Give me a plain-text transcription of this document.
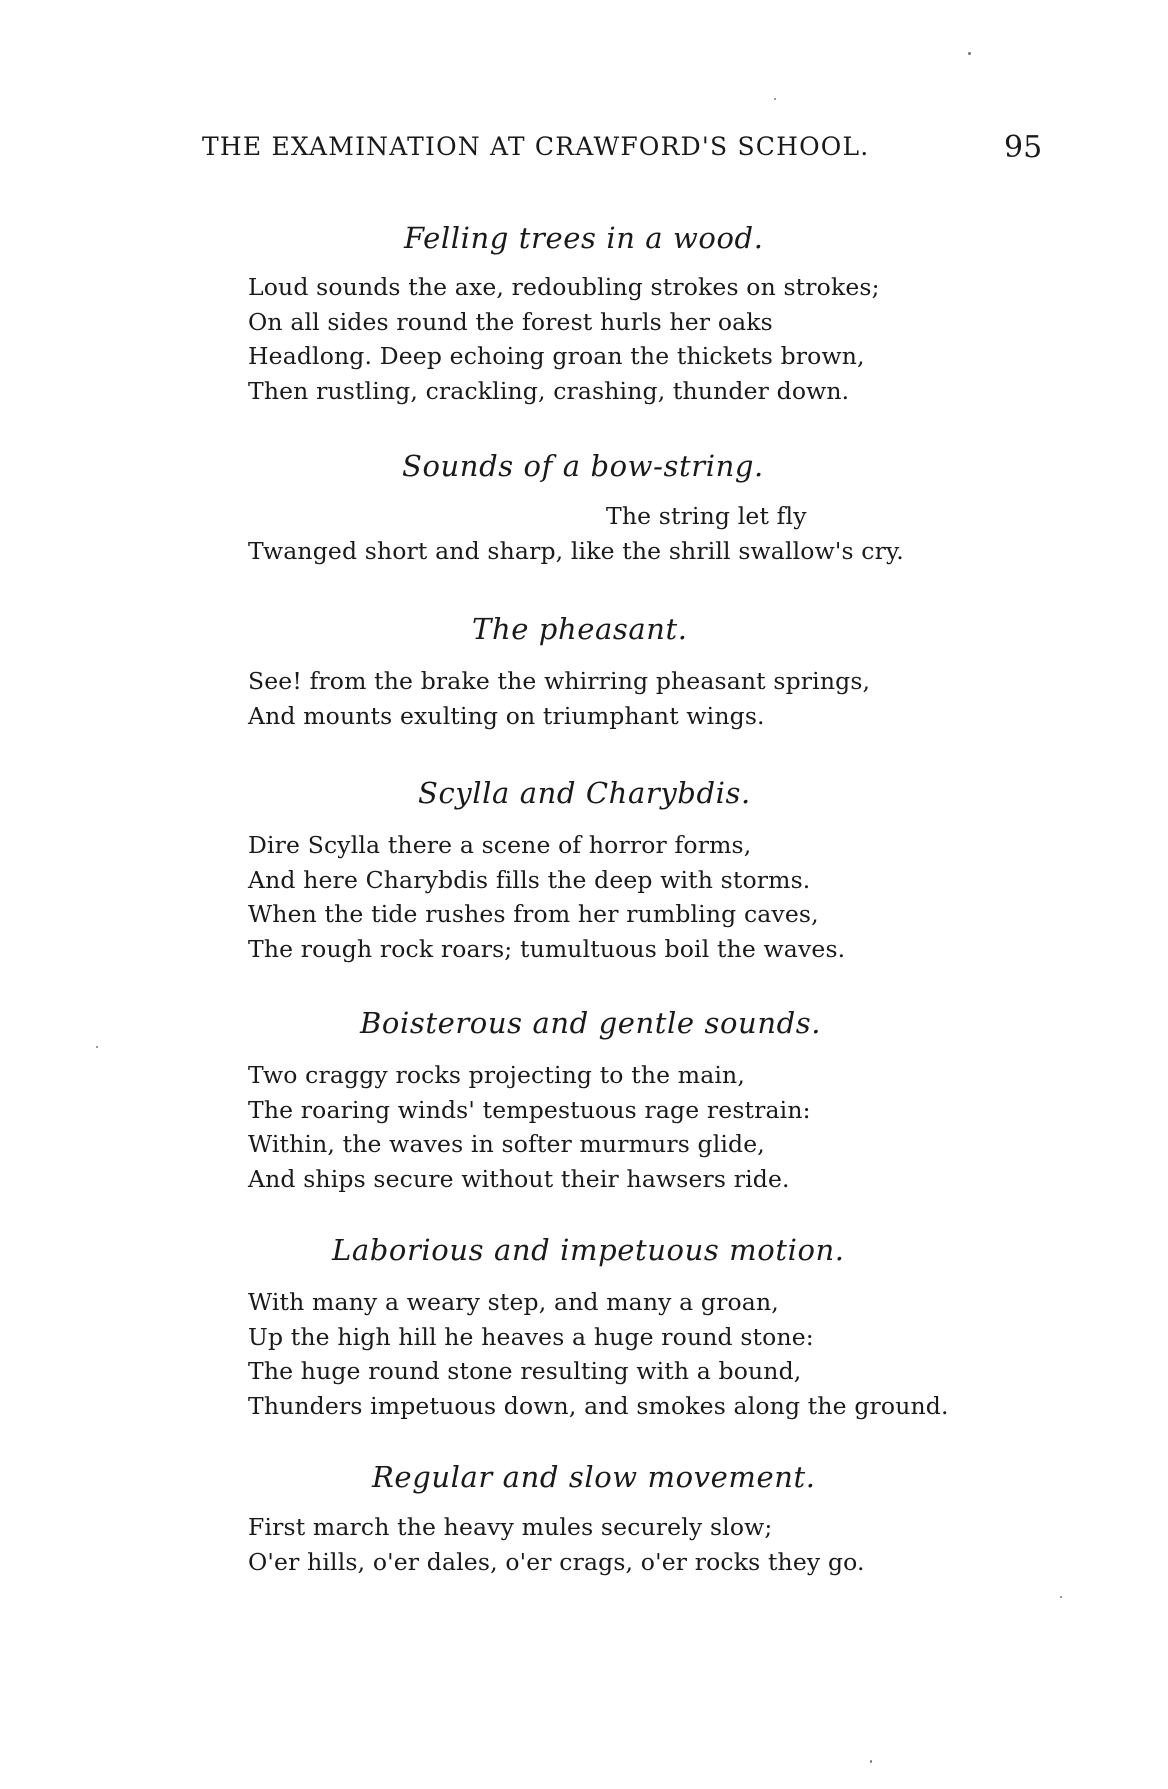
THE EXAMINATION AT CRAWFORD'S SCHOOL.	95
Felling trees in a wood.
Loud sounds the axe, redoubling strokes on strokes;
On all sides round the forest hurls her oaks
Headlong. Deep echoing groan the thickets brown,
Then rustling, crackling, crashing, thunder down.
Sounds of a bow-string.
The string let fly
Twanged short and sharp, like the shrill swallow's cry.
The pheasant.
See! from the brake the whirring pheasant springs,
And mounts exulting on triumphant wings.
Scylla and Charybdis.
Dire Scylla there a scene of horror forms,
And here Charybdis fills the deep with storms.
When the tide rushes from her rumbling caves,
The rough rock roars; tumultuous boil the waves.
Boisterous and gentle sounds.
Two craggy rocks projecting to the main,
The roaring winds' tempestuous rage restrain:
Within, the waves in softer murmurs glide,
And ships secure without their hawsers ride.
Laborious and impetuous motion.
With many a weary step, and many a groan,
Up the high hill he heaves a huge round stone:
The huge round stone resulting with a bound,
Thunders impetuous down, and smokes along the ground.
Regular and slow movement.
First march the heavy mules securely slow;
O'er hills, o'er dales, o'er crags, o'er rocks they go.
